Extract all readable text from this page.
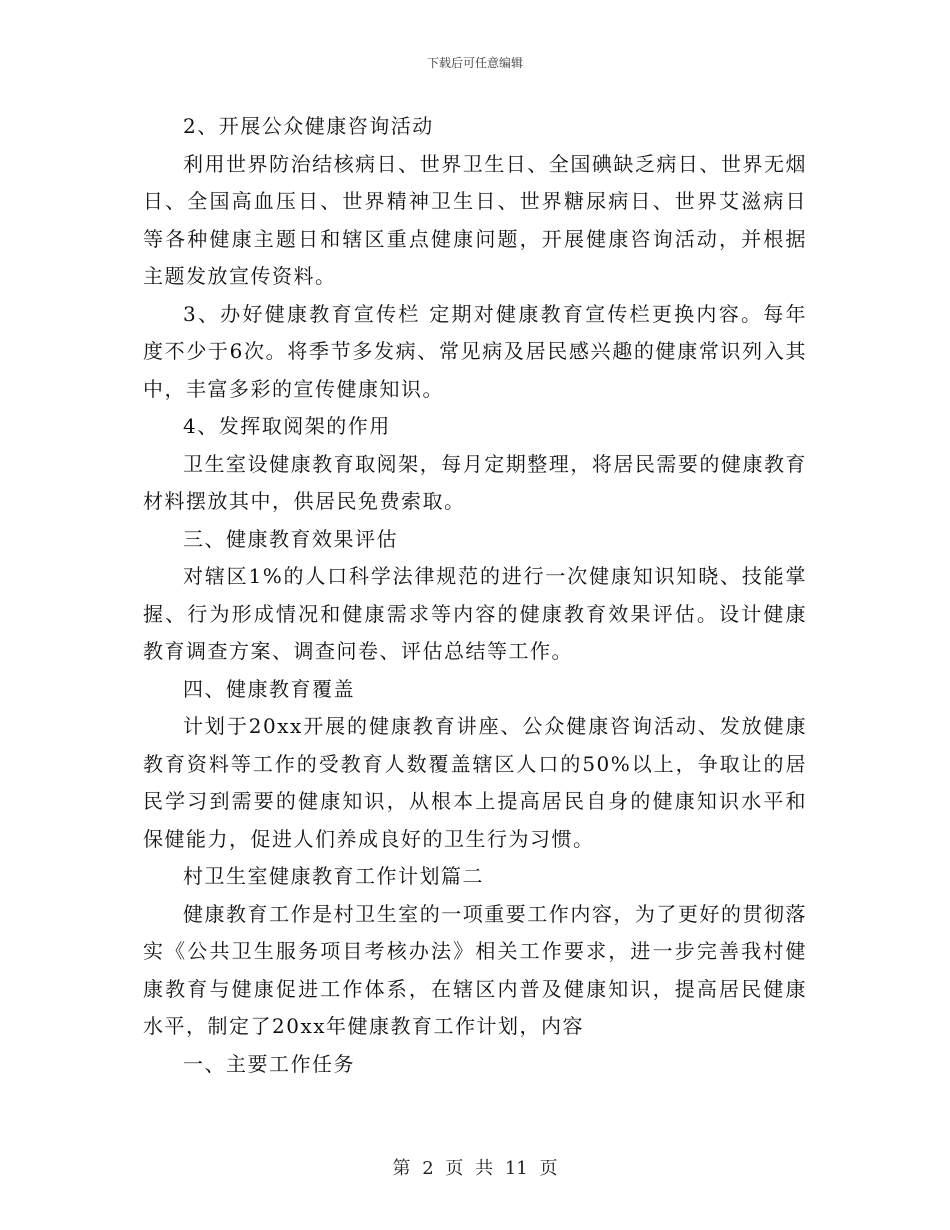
下载后可任意编辑

2、开展公众健康咨询活动

利用世界防治结核病日、世界卫生日、全国碘缺乏病日、世界无烟日、全国高血压日、世界精神卫生日、世界糖尿病日、世界艾滋病日等各种健康主题日和辖区重点健康问题，开展健康咨询活动，并根据主题发放宣传资料。

3、办好健康教育宣传栏 定期对健康教育宣传栏更换内容。每年度不少于6次。将季节多发病、常见病及居民感兴趣的健康常识列入其中，丰富多彩的宣传健康知识。

4、发挥取阅架的作用

卫生室设健康教育取阅架，每月定期整理，将居民需要的健康教育材料摆放其中，供居民免费索取。

三、健康教育效果评估

对辖区1%的人口科学法律规范的进行一次健康知识知晓、技能掌握、行为形成情况和健康需求等内容的健康教育效果评估。设计健康教育调查方案、调查问卷、评估总结等工作。

四、健康教育覆盖

计划于20xx开展的健康教育讲座、公众健康咨询活动、发放健康教育资料等工作的受教育人数覆盖辖区人口的50%以上，争取让的居民学习到需要的健康知识，从根本上提高居民自身的健康知识水平和保健能力，促进人们养成良好的卫生行为习惯。

村卫生室健康教育工作计划篇二

健康教育工作是村卫生室的一项重要工作内容，为了更好的贯彻落实《公共卫生服务项目考核办法》相关工作要求，进一步完善我村健康教育与健康促进工作体系，在辖区内普及健康知识，提高居民健康水平，制定了20xx年健康教育工作计划，内容

一、主要工作任务

第 2 页 共 11 页
